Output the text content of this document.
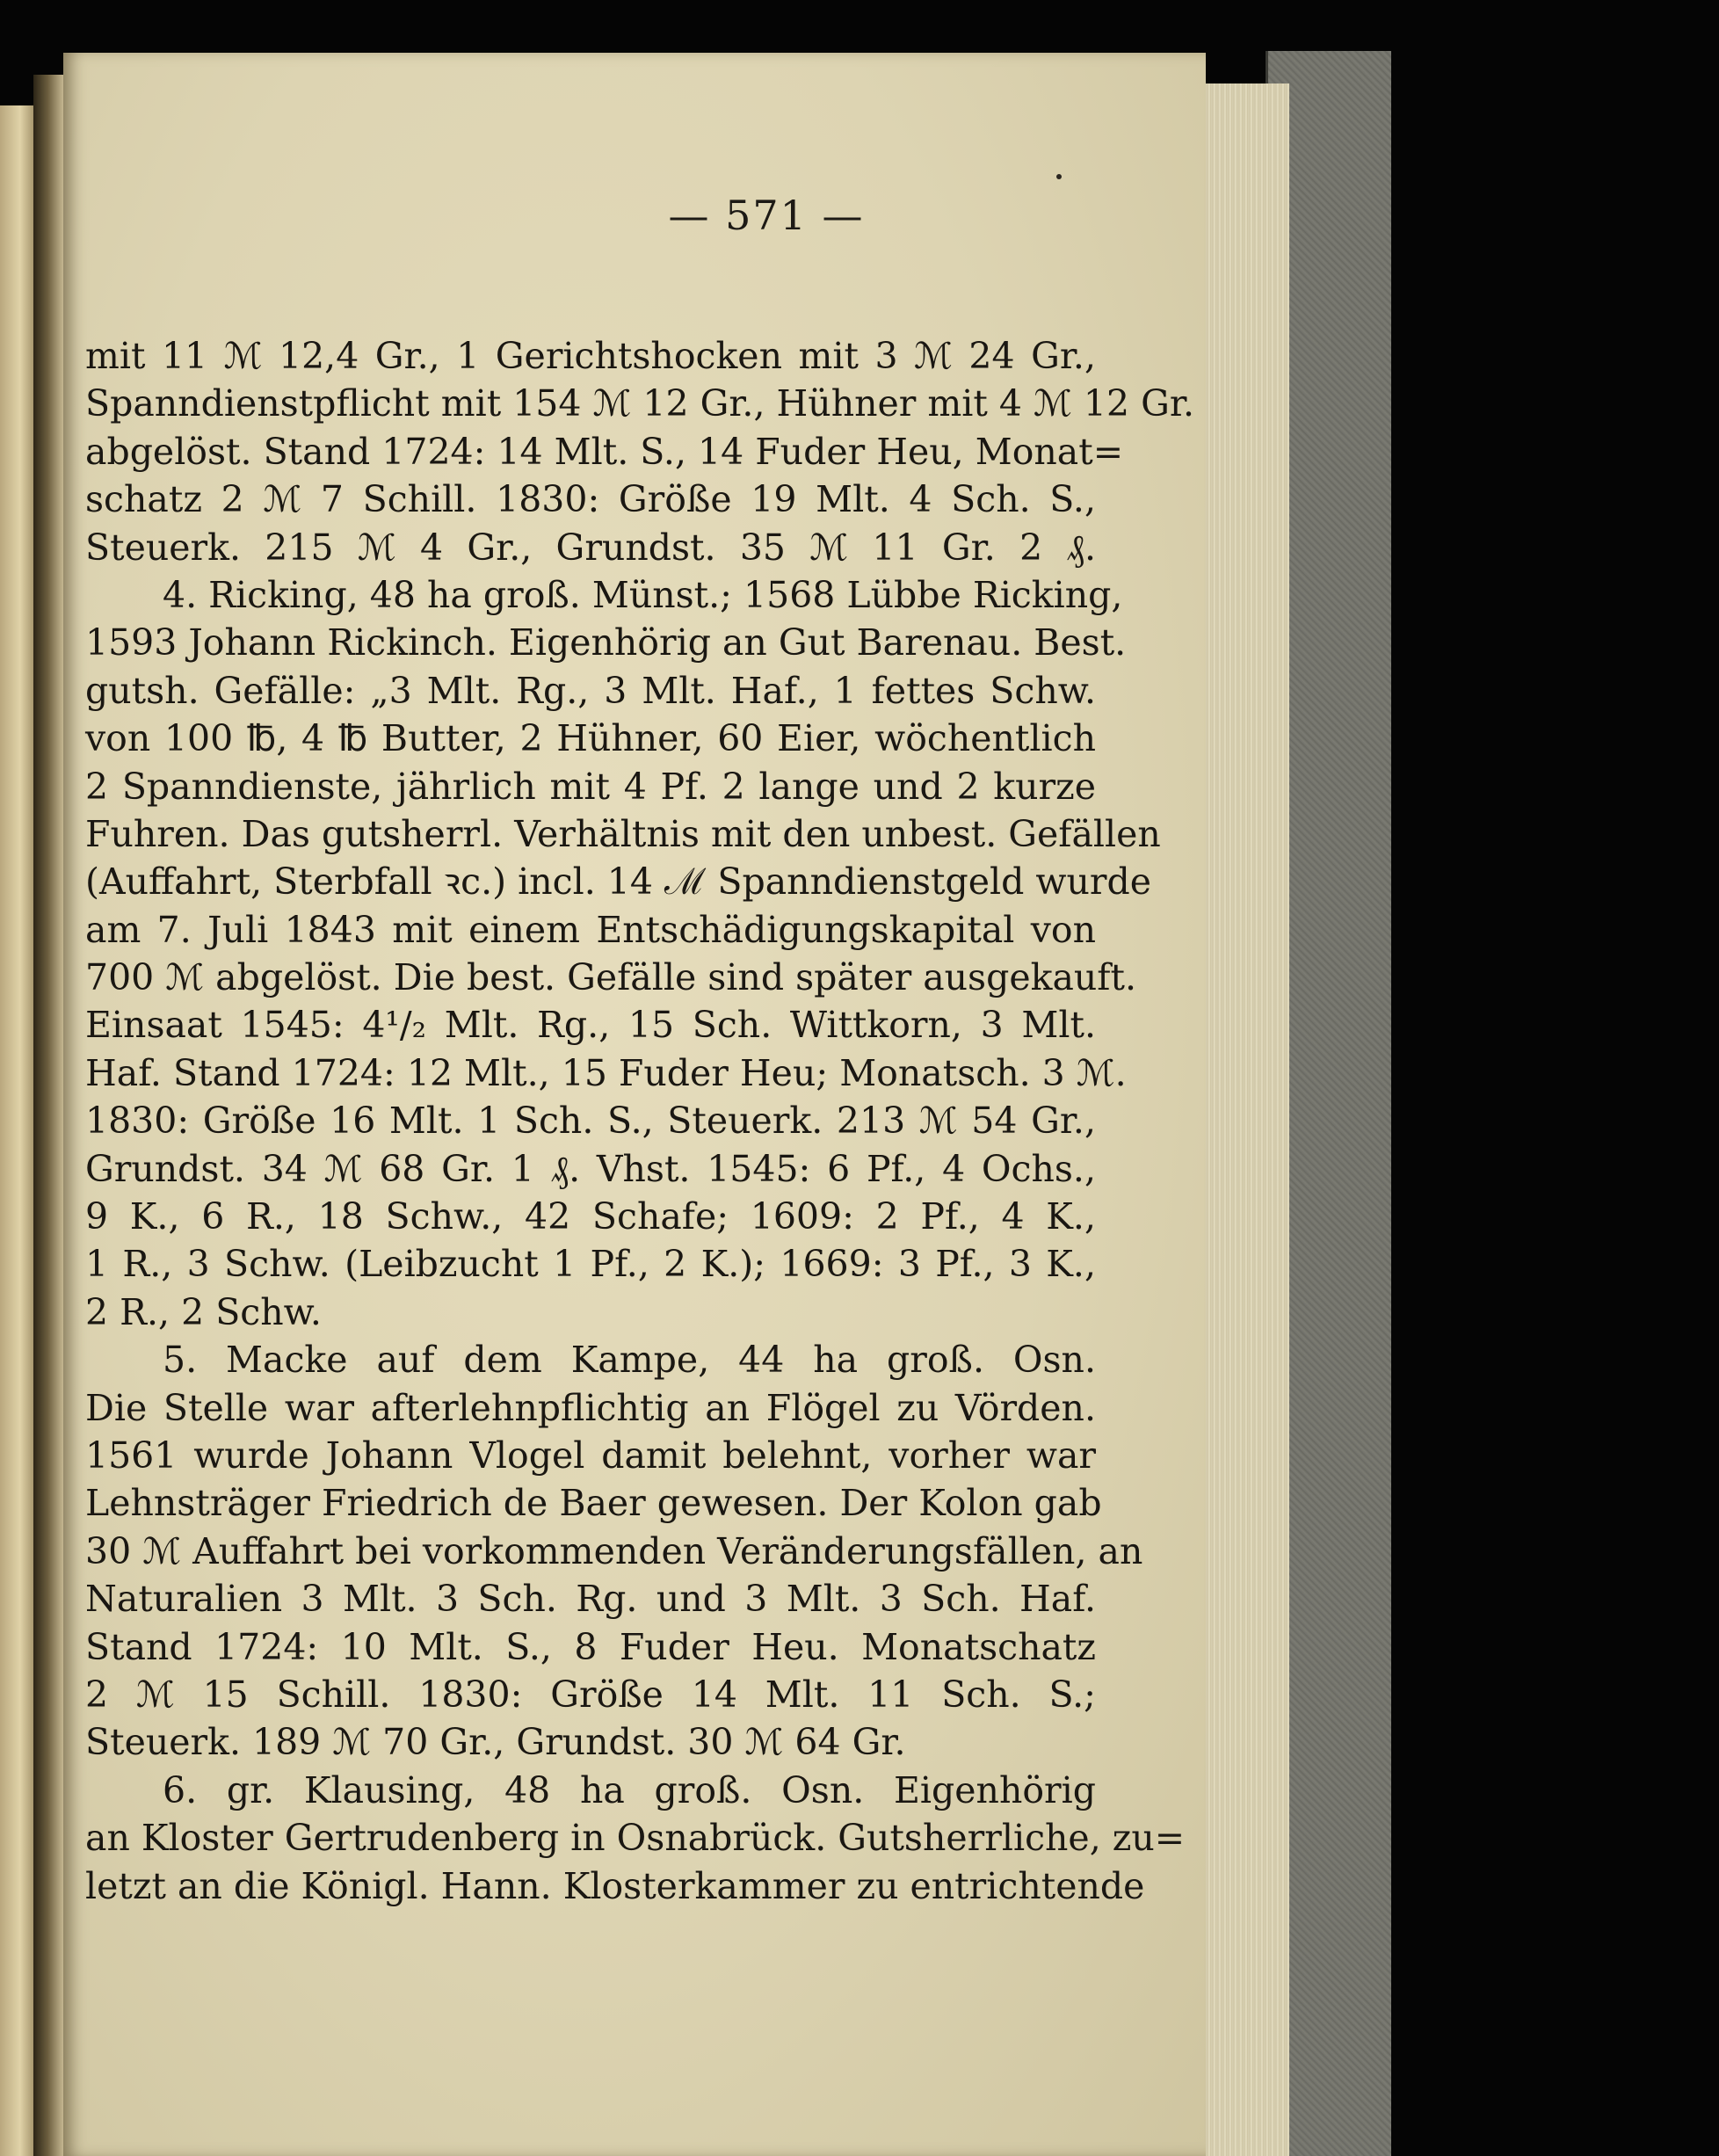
— 571 —
mit 11 ℳ 12,4 Gr., 1 Gerichtshocken mit 3 ℳ 24 Gr.,
Spanndienstpflicht mit 154 ℳ 12 Gr., Hühner mit 4 ℳ 12 Gr.
abgelöst. Stand 1724: 14 Mlt. S., 14 Fuder Heu, Monat=
schatz 2 ℳ 7 Schill. 1830: Größe 19 Mlt. 4 Sch. S.,
Steuerk. 215 ℳ 4 Gr., Grundst. 35 ℳ 11 Gr. 2 ₰.
4. Ricking, 48 ha groß. Münst.; 1568 Lübbe Ricking,
1593 Johann Rickinch. Eigenhörig an Gut Barenau. Best.
gutsh. Gefälle: „3 Mlt. Rg., 3 Mlt. Haf., 1 fettes Schw.
von 100 ℔, 4 ℔ Butter, 2 Hühner, 60 Eier, wöchentlich
2 Spanndienste, jährlich mit 4 Pf. 2 lange und 2 kurze
Fuhren. Das gutsherrl. Verhältnis mit den unbest. Gefällen
(Auffahrt, Sterbfall ꝛc.) incl. 14 ℳ Spanndienstgeld wurde
am 7. Juli 1843 mit einem Entschädigungskapital von
700 ℳ abgelöst. Die best. Gefälle sind später ausgekauft.
Einsaat 1545: 4¹/₂ Mlt. Rg., 15 Sch. Wittkorn, 3 Mlt.
Haf. Stand 1724: 12 Mlt., 15 Fuder Heu; Monatsch. 3 ℳ.
1830: Größe 16 Mlt. 1 Sch. S., Steuerk. 213 ℳ 54 Gr.,
Grundst. 34 ℳ 68 Gr. 1 ₰. Vhst. 1545: 6 Pf., 4 Ochs.,
9 K., 6 R., 18 Schw., 42 Schafe; 1609: 2 Pf., 4 K.,
1 R., 3 Schw. (Leibzucht 1 Pf., 2 K.); 1669: 3 Pf., 3 K.,
2 R., 2 Schw.
5. Macke auf dem Kampe, 44 ha groß. Osn.
Die Stelle war afterlehnpflichtig an Flögel zu Vörden.
1561 wurde Johann Vlogel damit belehnt, vorher war
Lehnsträger Friedrich de Baer gewesen. Der Kolon gab
30 ℳ Auffahrt bei vorkommenden Veränderungsfällen, an
Naturalien 3 Mlt. 3 Sch. Rg. und 3 Mlt. 3 Sch. Haf.
Stand 1724: 10 Mlt. S., 8 Fuder Heu. Monatschatz
2 ℳ 15 Schill. 1830: Größe 14 Mlt. 11 Sch. S.;
Steuerk. 189 ℳ 70 Gr., Grundst. 30 ℳ 64 Gr.
6. gr. Klausing, 48 ha groß. Osn. Eigenhörig
an Kloster Gertrudenberg in Osnabrück. Gutsherrliche, zu=
letzt an die Königl. Hann. Klosterkammer zu entrichtende
